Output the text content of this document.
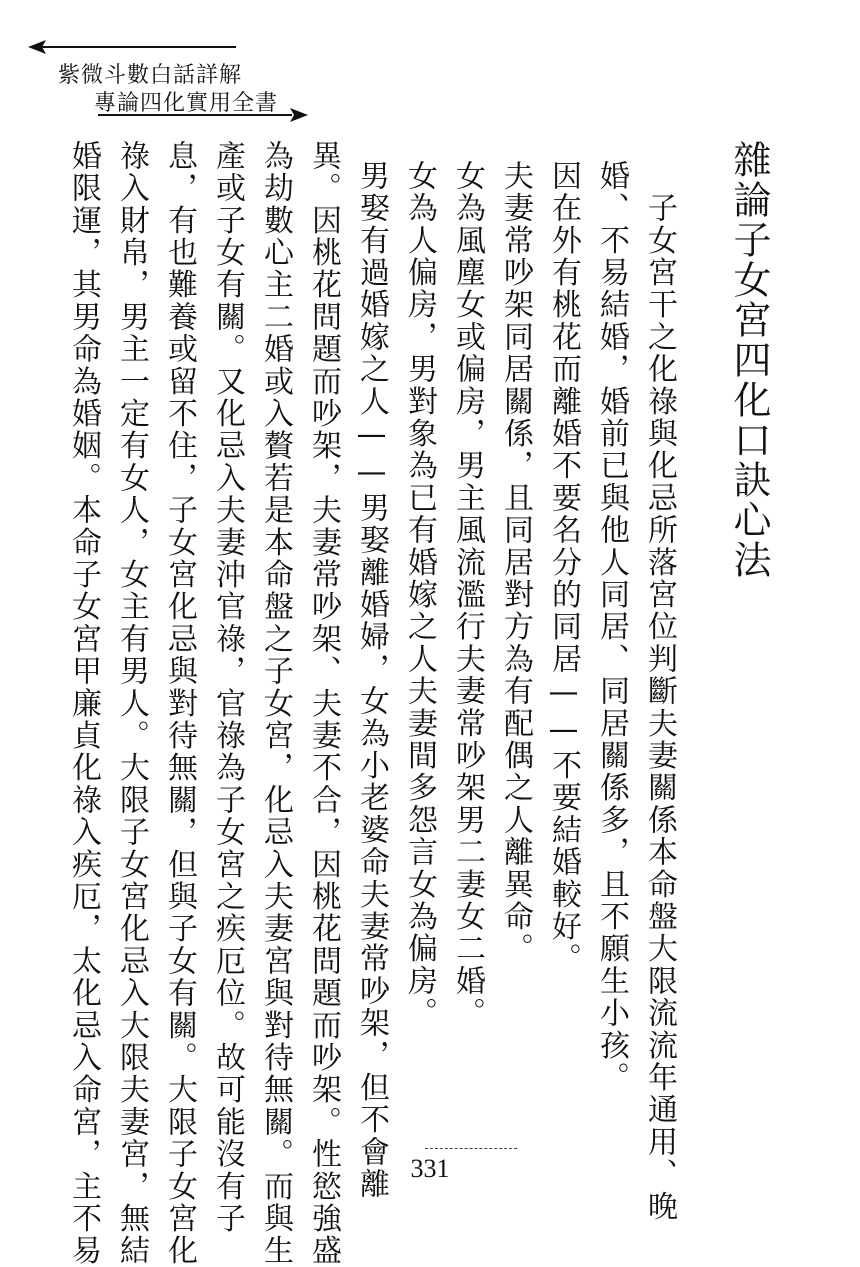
紫微斗數白話詳解
專論四化實用全書
雜論子女宮四化口訣心法
　子女宮干之化祿與化忌所落宮位判斷夫妻關係本命盤大限流流年通用、晚
婚、不易結婚，婚前已與他人同居、同居關係多，且不願生小孩。
因在外有桃花而離婚不要名分的同居——不要結婚較好。
夫妻常吵架同居關係，且同居對方為有配偶之人離異命。
女為風塵女或偏房，男主風流濫行夫妻常吵架男二妻女二婚。
女為人偏房，男對象為已有婚嫁之人夫妻間多怨言女為偏房。
男娶有過婚嫁之人——男娶離婚婦，女為小老婆命夫妻常吵架，但不會離
異。因桃花問題而吵架，夫妻常吵架、夫妻不合，因桃花問題而吵架。性慾強盛
為劫數心主二婚或入贅若是本命盤之子女宮，化忌入夫妻宮與對待無關。而與生
產或子女有關。又化忌入夫妻沖官祿，官祿為子女宮之疾厄位。故可能沒有子
息，有也難養或留不住，子女宮化忌與對待無關，但與子女有關。大限子女宮化
祿入財帛，男主一定有女人，女主有男人。大限子女宮化忌入大限夫妻宮，無結
婚限運，其男命為婚姻。本命子女宮甲廉貞化祿入疾厄，太化忌入命宮，主不易	331
